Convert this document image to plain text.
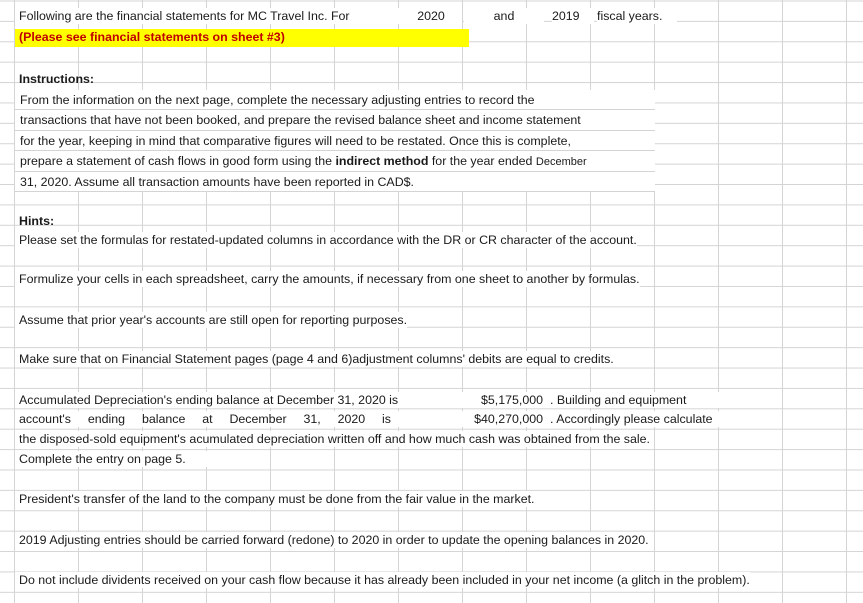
Following are the financial statements for MC Travel Inc. For	2020	and	2019	fiscal years.
(Please see financial statements on sheet #3)
Instructions:
From the information on the next page, complete the necessary adjusting entries to record the
transactions that have not been booked, and prepare the revised balance sheet and income statement
for the year, keeping in mind that comparative figures will need to be restated. Once this is complete,
prepare a statement of cash flows in good form using the indirect method for the year ended December
31, 2020. Assume all transaction amounts have been reported in CAD$.
Hints:
Please set the formulas for restated-updated columns in accordance with the DR or CR character of the account.
Formulize your cells in each spreadsheet, carry the amounts, if necessary from one sheet to another by formulas.
Assume that prior year's accounts are still open for reporting purposes.
Make sure that on Financial Statement pages (page 4 and 6)adjustment columns' debits are equal to credits.
Accumulated Depreciation's ending balance at December 31, 2020 is	$5,175,000 . Building and equipment
account's ending balance at December 31, 2020 is	$40,270,000 . Accordingly please calculate
the disposed-sold equipment's acumulated depreciation written off and how much cash was obtained from the sale.
Complete the entry on page 5.
President's transfer of the land to the company must be done from the fair value in the market.
2019 Adjusting entries should be carried forward (redone) to 2020 in order to update the opening balances in 2020.
Do not include dividents received on your cash flow because it has already been included in your net income (a glitch in the problem).
